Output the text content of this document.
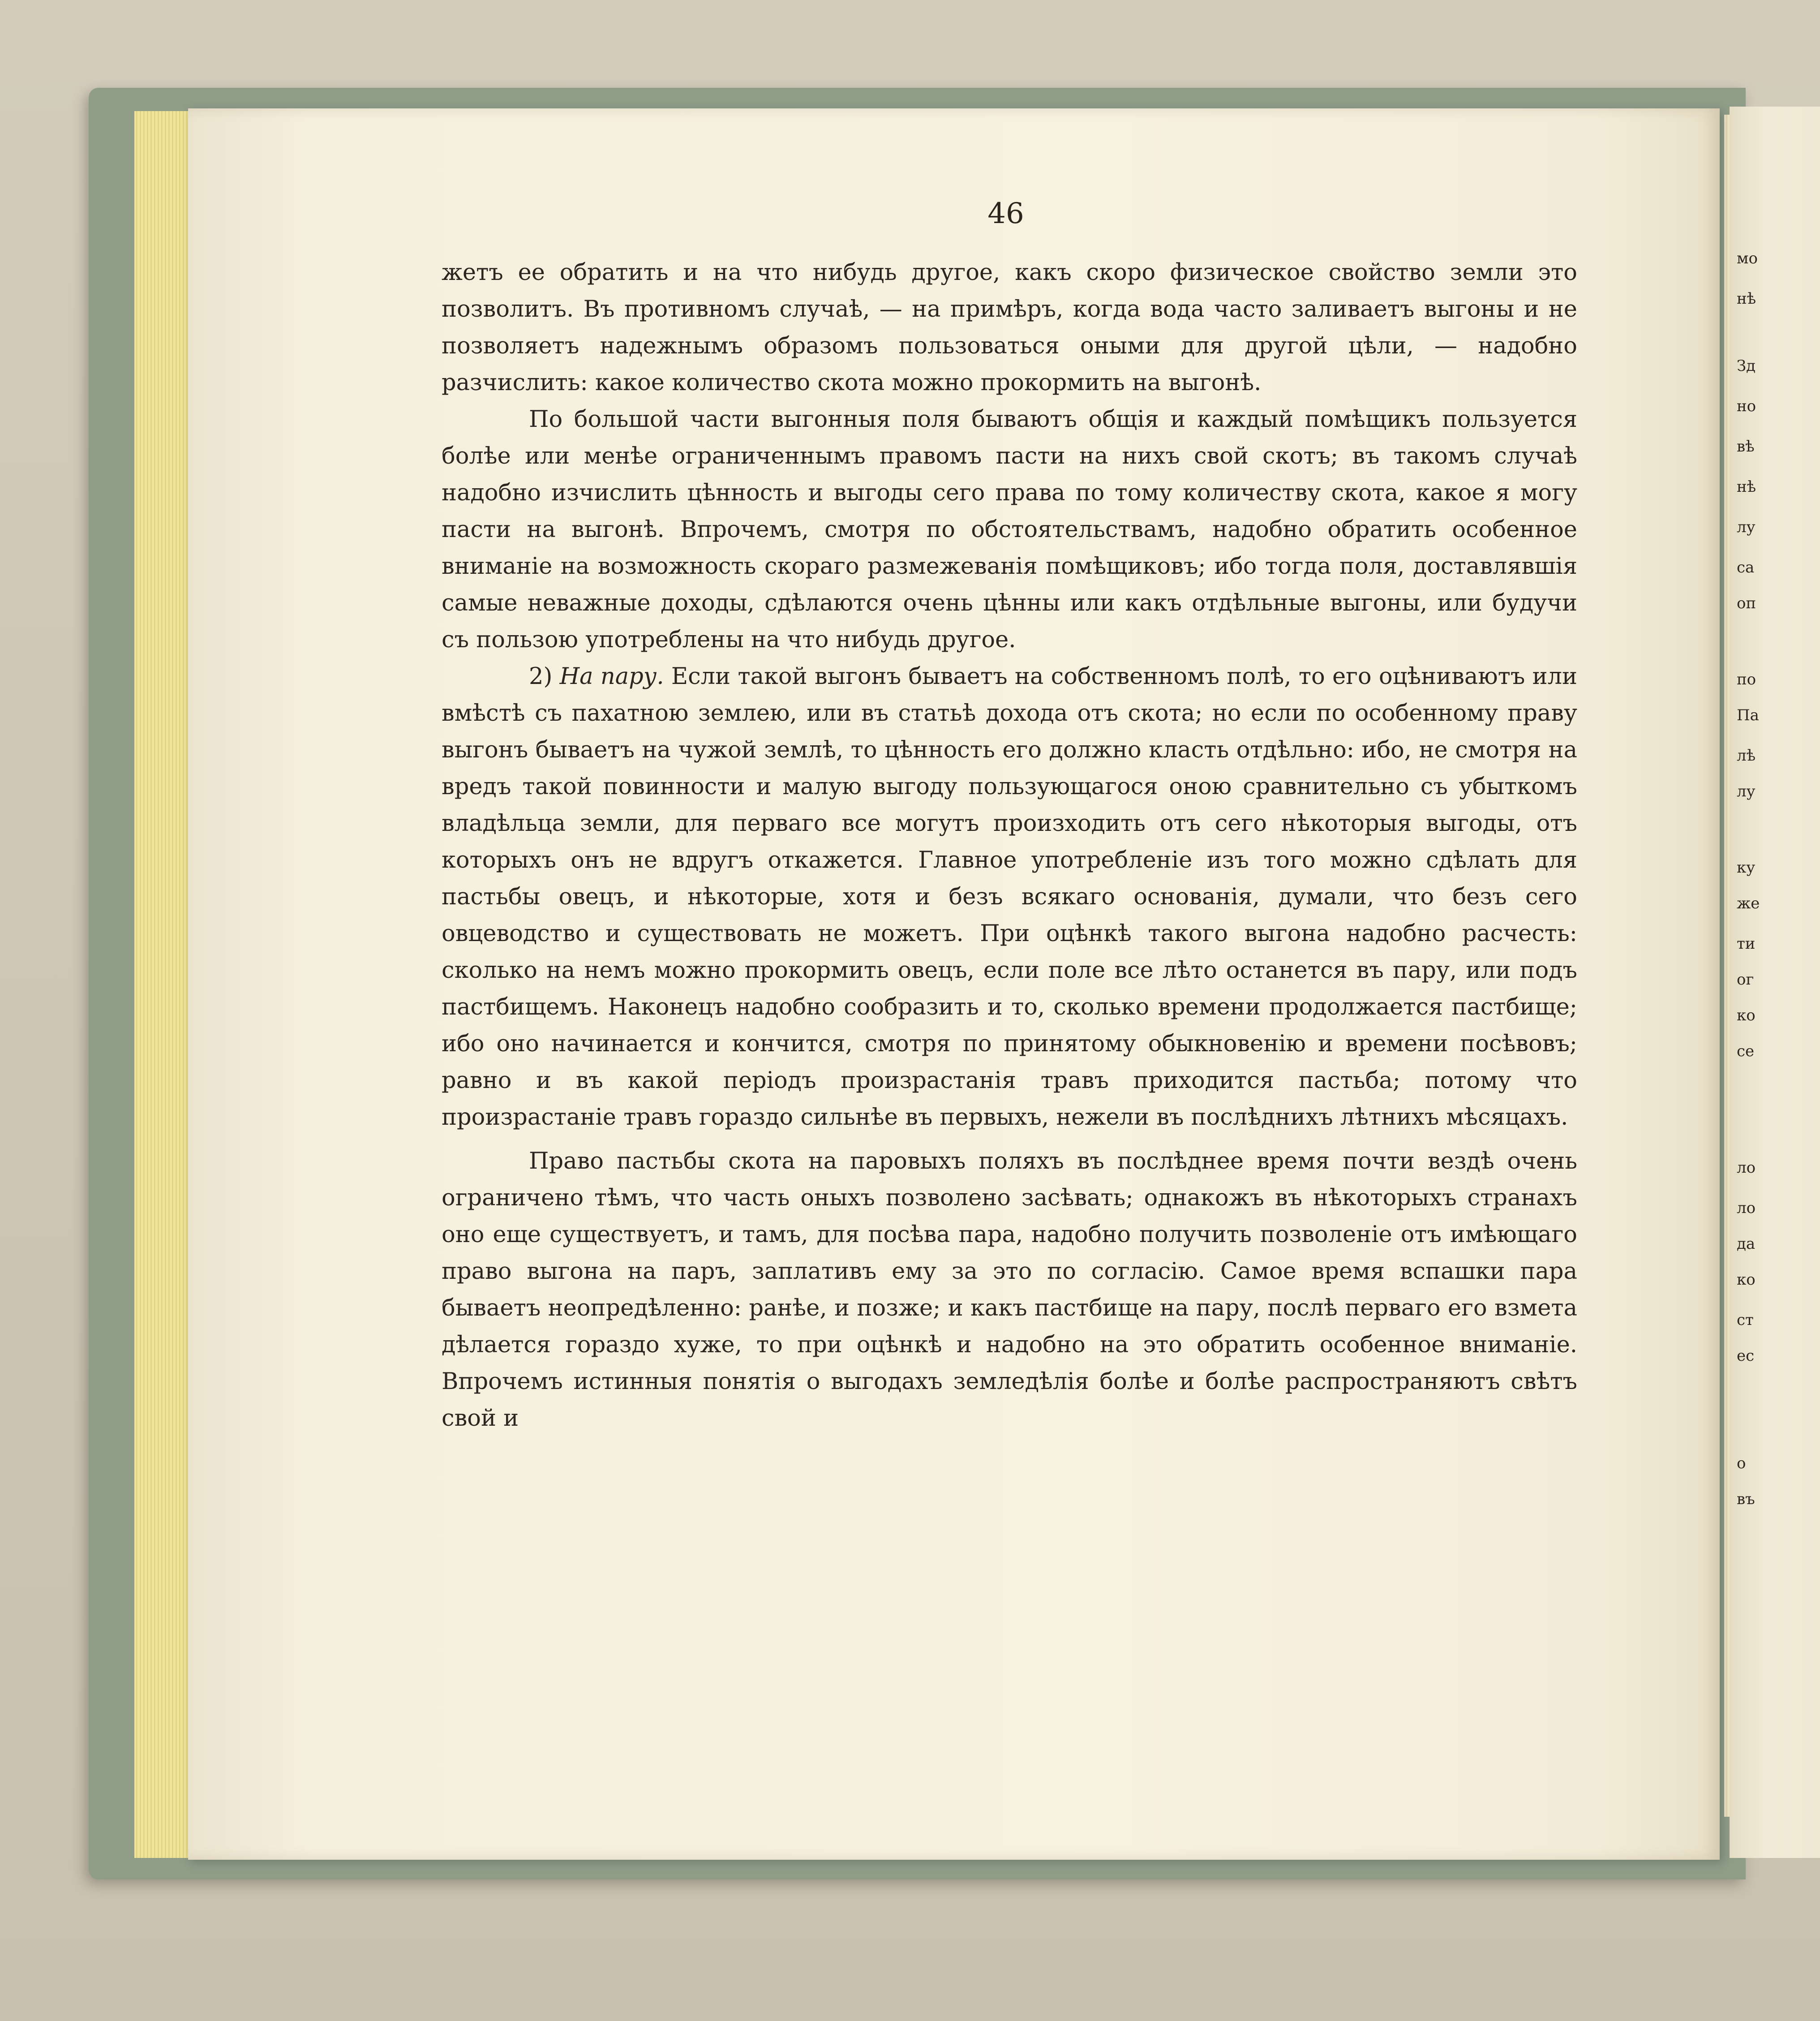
мо
нѣ
Зд
но
вѣ
нѣ
лу
са
оп
по
Па
лѣ
лу
ку
же
ти
ог
ко
се
ло
ло
да
ко
ст
ес
о
въ
46

жетъ ее обратить и на что нибудь другое, какъ скоро физическое свойство земли это позволитъ. Въ противномъ случаѣ, — на примѣръ, когда вода часто заливаетъ выгоны и не позволяетъ надежнымъ образомъ пользоваться оными для другой цѣли, — надобно разчислить: какое количество скота можно прокормить на выгонѣ.

По большой части выгонныя поля бываютъ общія и каждый помѣщикъ пользуется болѣе или менѣе ограниченнымъ правомъ пасти на нихъ свой скотъ; въ такомъ случаѣ надобно изчислить цѣнность и выгоды сего права по тому количеству скота, какое я могу пасти на выгонѣ. Впрочемъ, смотря по обстоятельствамъ, надобно обратить особенное вниманіе на возможность скораго размежеванія помѣщиковъ; ибо тогда поля, доставлявшія самые неважные доходы, сдѣлаются очень цѣнны или какъ отдѣльные выгоны, или будучи съ пользою употреблены на что нибудь другое.

2) На пару. Если такой выгонъ бываетъ на собственномъ полѣ, то его оцѣниваютъ или вмѣстѣ съ пахатною землею, или въ статьѣ дохода отъ скота; но если по особенному праву выгонъ бываетъ на чужой землѣ, то цѣнность его должно класть отдѣльно: ибо, не смотря на вредъ такой повинности и малую выгоду пользующагося оною сравнительно съ убыткомъ владѣльца земли, для перваго все могутъ произходить отъ сего нѣкоторыя выгоды, отъ которыхъ онъ не вдругъ откажется. Главное употребленіе изъ того можно сдѣлать для пастьбы овецъ, и нѣкоторые, хотя и безъ всякаго основанія, думали, что безъ сего овцеводство и существовать не можетъ. При оцѣнкѣ такого выгона надобно расчесть: сколько на немъ можно прокормить овецъ, если поле все лѣто останется въ пару, или подъ пастбищемъ. Наконецъ надобно сообразить и то, сколько времени продолжается пастбище; ибо оно начинается и кончится, смотря по принятому обыкновенію и времени посѣвовъ; равно и въ какой періодъ произрастанія травъ приходится пастьба; потому что произрастаніе травъ гораздо сильнѣе въ первыхъ, нежели въ послѣднихъ лѣтнихъ мѣсяцахъ.

Право пастьбы скота на паровыхъ поляхъ въ послѣднее время почти вездѣ очень ограничено тѣмъ, что часть оныхъ позволено засѣвать; однакожъ въ нѣкоторыхъ странахъ оно еще существуетъ, и тамъ, для посѣва пара, надобно получить позволеніе отъ имѣющаго право выгона на паръ, заплативъ ему за это по согласію. Самое время вспашки пара бываетъ неопредѣленно: ранѣе, и позже; и какъ пастбище на пару, послѣ перваго его взмета дѣлается гораздо хуже, то при оцѣнкѣ и надобно на это обратить особенное вниманіе. Впрочемъ истинныя понятія о выгодахъ земледѣлія болѣе и болѣе распространяютъ свѣтъ свой и
